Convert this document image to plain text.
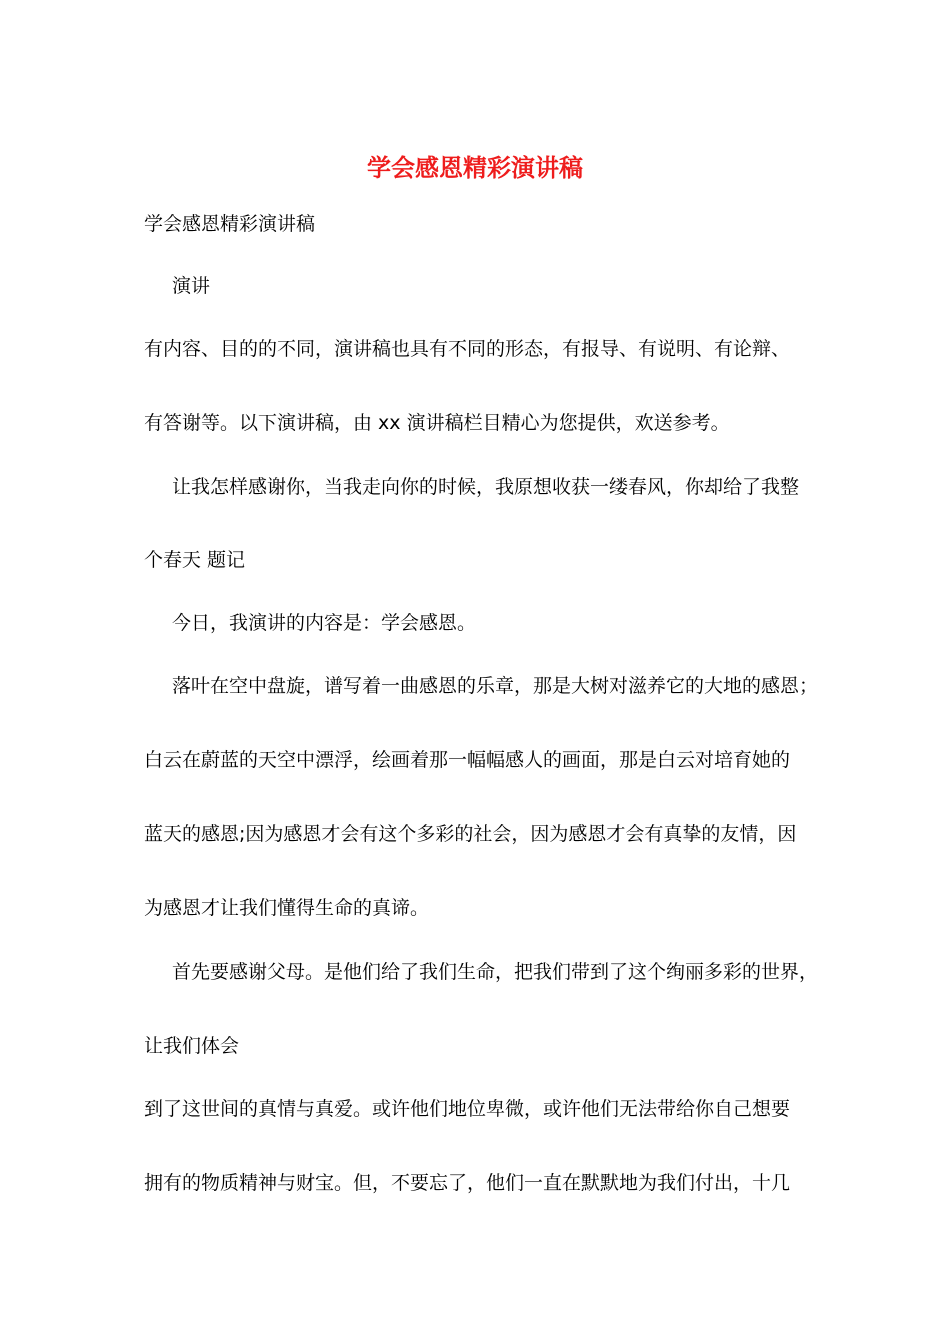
学会感恩精彩演讲稿
学会感恩精彩演讲稿
演讲
有内容、目的的不同，演讲稿也具有不同的形态，有报导、有说明、有论辩、
有答谢等。以下演讲稿，由 xx 演讲稿栏目精心为您提供，欢送参考。
让我怎样感谢你，当我走向你的时候，我原想收获一缕春风，你却给了我整
个春天 题记
今日，我演讲的内容是：学会感恩。
落叶在空中盘旋，谱写着一曲感恩的乐章，那是大树对滋养它的大地的感恩；
白云在蔚蓝的天空中漂浮，绘画着那一幅幅感人的画面，那是白云对培育她的
蓝天的感恩;因为感恩才会有这个多彩的社会，因为感恩才会有真挚的友情，因
为感恩才让我们懂得生命的真谛。
首先要感谢父母。是他们给了我们生命，把我们带到了这个绚丽多彩的世界，
让我们体会
到了这世间的真情与真爱。或许他们地位卑微，或许他们无法带给你自己想要
拥有的物质精神与财宝。但，不要忘了，他们一直在默默地为我们付出，十几
